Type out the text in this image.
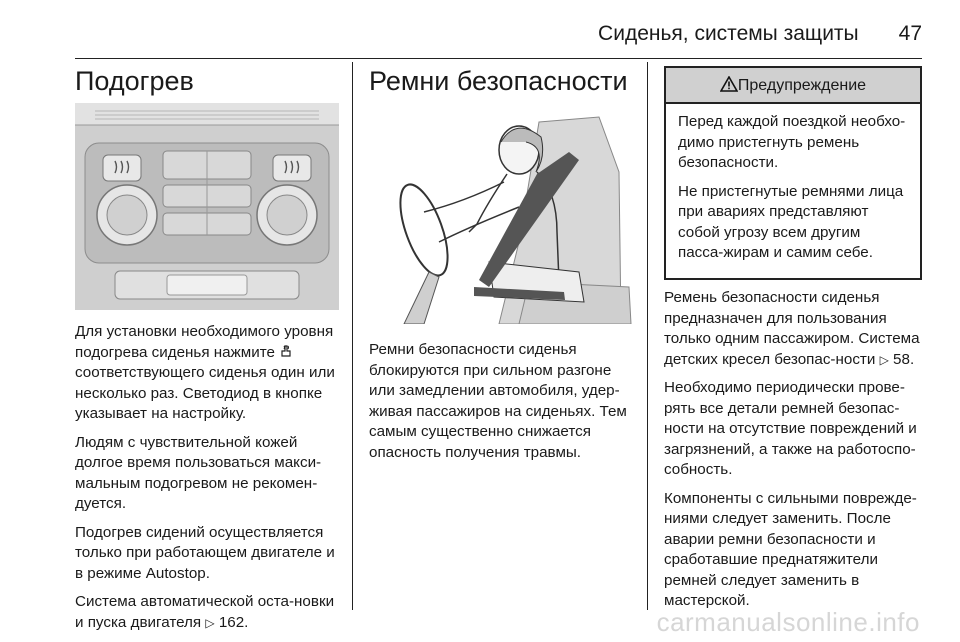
Сиденья, системы защиты 47
Подогрев

Для установки необходимого уровня подогрева сиденья нажмите  соответствующего сиденья один или несколько раз. Светодиод в кнопке указывает на настройку.

Людям с чувствительной кожей долгое время пользоваться макси-мальным подогревом не рекомен-дуется.

Подогрев сидений осуществляется только при работающем двигателе и в режиме Autostop.

Система автоматической оста-новки и пуска двигателя ▷ 162.

Ремни безопасности

Ремни безопасности сиденья блокируются при сильном разгоне или замедлении автомобиля, удер-живая пассажиров на сиденьях. Тем самым существенно снижается опасность получения травмы.

Предупреждение

Перед каждой поездкой необхо-димо пристегнуть ремень безопасности.

Не пристегнутые ремнями лица при авариях представляют собой угрозу всем другим пасса-жирам и самим себе.

Ремень безопасности сиденья предназначен для пользования только одним пассажиром. Система детских кресел безопас-ности ▷ 58.

Необходимо периодически прове-рять все детали ремней безопас-ности на отсутствие повреждений и загрязнений, а также на работоспо-собность.

Компоненты с сильными поврежде-ниями следует заменить. После аварии ремни безопасности и сработавшие преднатяжители ремней следует заменить в мастерской.

carmanualsonline.info
